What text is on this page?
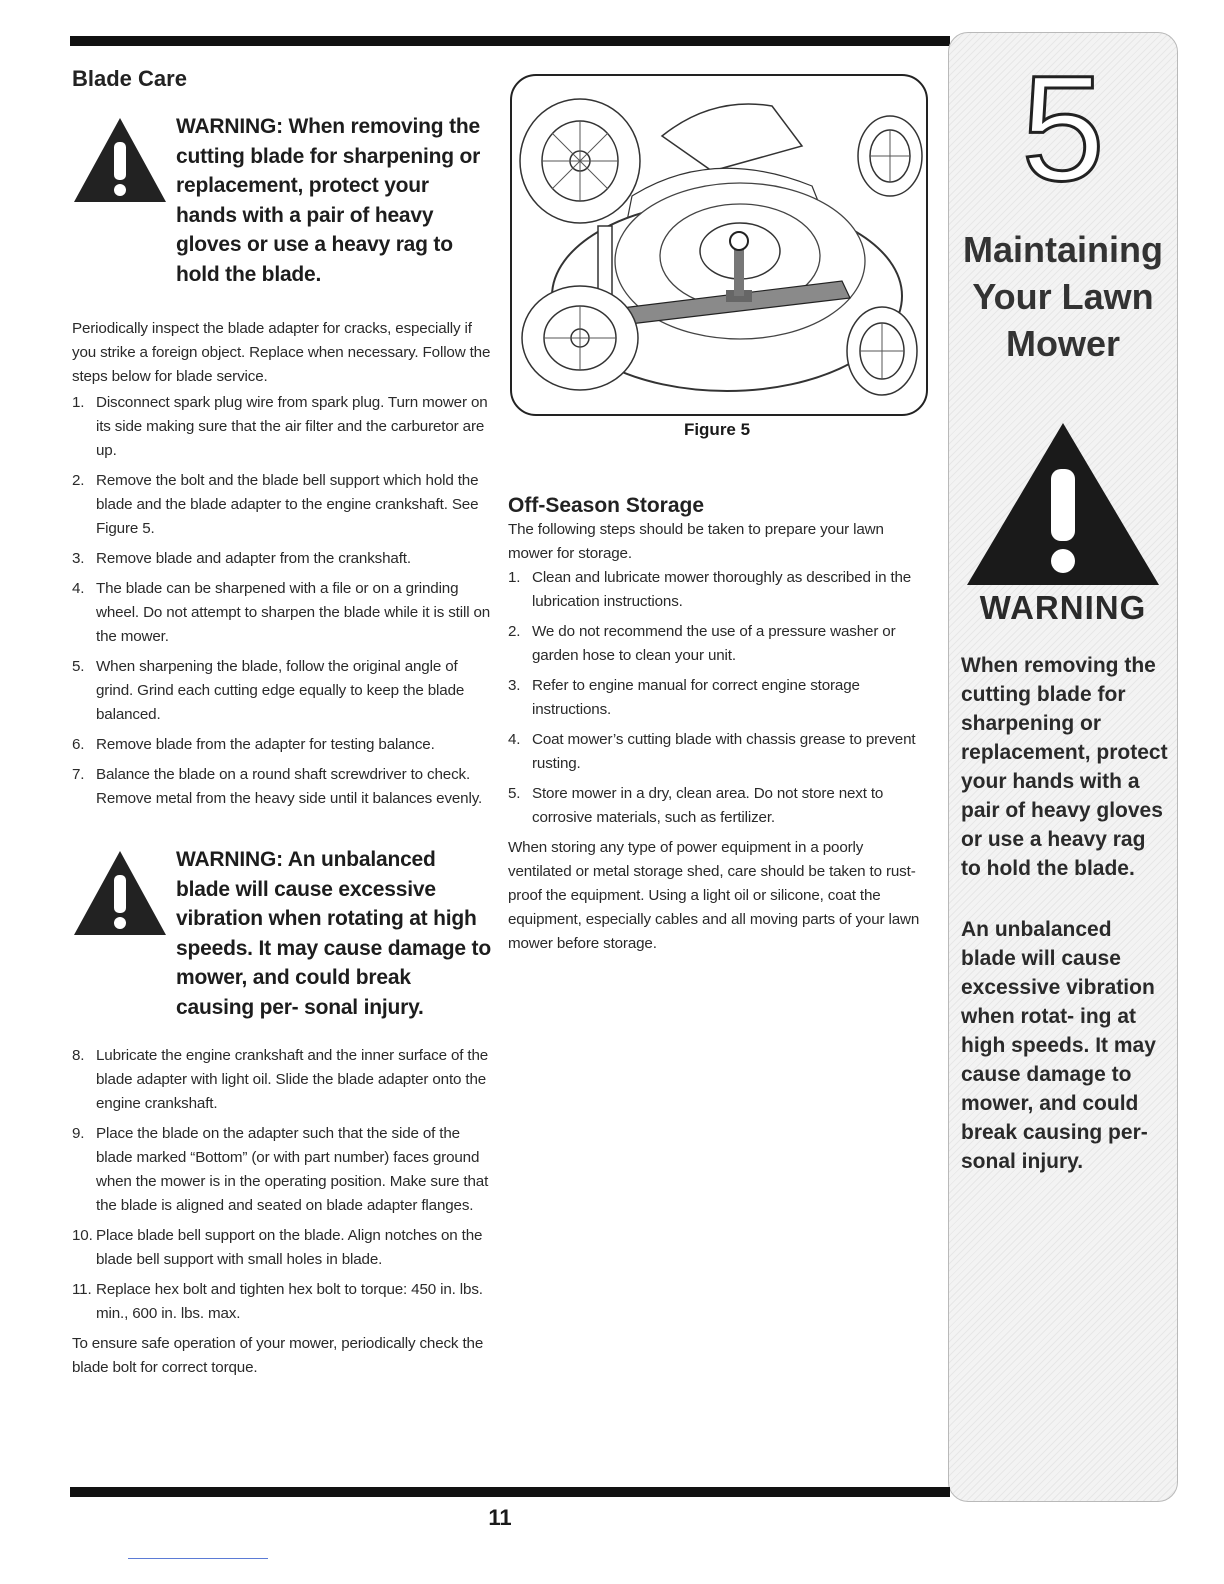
Blade Care
WARNING: When removing the cutting blade for sharpening or replacement, protect your hands with a pair of heavy gloves or use a heavy rag to hold the blade.

Periodically inspect the blade adapter for cracks, especially if you strike a foreign object. Replace when necessary. Follow the steps below for blade service.

1. Disconnect spark plug wire from spark plug. Turn mower on its side making sure that the air filter and the carburetor are up.
2. Remove the bolt and the blade bell support which hold the blade and the blade adapter to the engine crankshaft. See Figure 5.
3. Remove blade and adapter from the crankshaft.
4. The blade can be sharpened with a file or on a grinding wheel. Do not attempt to sharpen the blade while it is still on the mower.
5. When sharpening the blade, follow the original angle of grind. Grind each cutting edge equally to keep the blade balanced.
6. Remove blade from the adapter for testing balance.
7. Balance the blade on a round shaft screwdriver to check. Remove metal from the heavy side until it balances evenly.
WARNING: An unbalanced blade will cause excessive vibration when rotating at high speeds. It may cause damage to mower, and could break causing per- sonal injury.
8. Lubricate the engine crankshaft and the inner surface of the blade adapter with light oil. Slide the blade adapter onto the engine crankshaft.
9. Place the blade on the adapter such that the side of the blade marked “Bottom” (or with part number) faces ground when the mower is in the operating position. Make sure that the blade is aligned and seated on blade adapter flanges.
10. Place blade bell support on the blade. Align notches on the blade bell support with small holes in blade.
11. Replace hex bolt and tighten hex bolt to torque: 450 in. lbs. min., 600 in. lbs. max.

To ensure safe operation of your mower, periodically check the blade bolt for correct torque.

Figure 5
Off-Season Storage

The following steps should be taken to prepare your lawn mower for storage.

1. Clean and lubricate mower thoroughly as described in the lubrication instructions.
2. We do not recommend the use of a pressure washer or garden hose to clean your unit.
3. Refer to engine manual for correct engine storage instructions.
4. Coat mower’s cutting blade with chassis grease to prevent rusting.
5. Store mower in a dry, clean area. Do not store next to corrosive materials, such as fertilizer.

When storing any type of power equipment in a poorly ventilated or metal storage shed, care should be taken to rust-proof the equipment. Using a light oil or silicone, coat the equipment, especially cables and all moving parts of your lawn mower before storage.

5
Maintaining
Your Lawn
Mower
WARNING
When removing the cutting blade for sharpening or replacement, protect your hands with a pair of heavy gloves or use a heavy rag to hold the blade.
An unbalanced blade will cause excessive vibration when rotat- ing at high speeds. It may cause damage to mower, and could break causing per- sonal injury.
11
